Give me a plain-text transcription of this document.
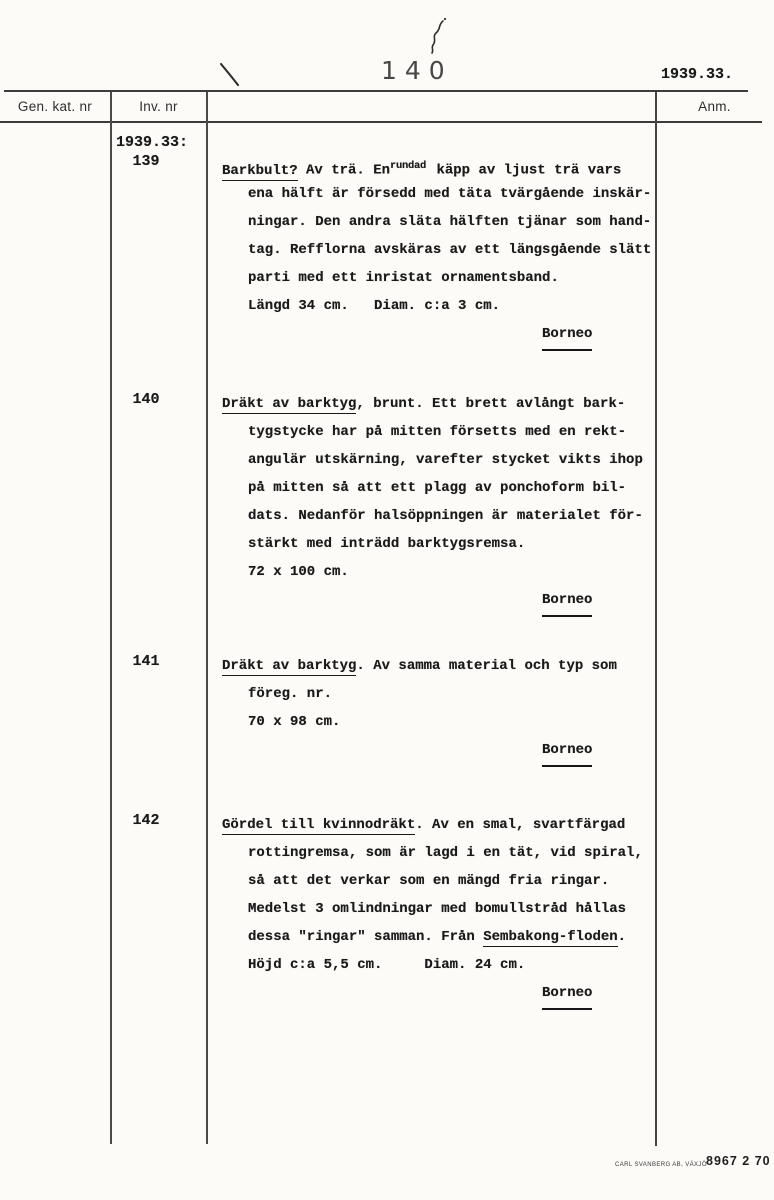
140	1939.33.
Gen. kat. nr	Inv. nr	Anm.
1939.33:
139
Barkbult? Av trä. $En^{rundad}$ käpp av ljust trä vars
ena hälft är försedd med täta tvärgående inskär-
ningar. Den andra släta hälften tjänar som hand-
tag. Refflorna avskäras av ett längsgående slätt
parti med ett inristat ornamentsband.
Längd 34 cm.   Diam. c:a 3 cm.
Borneo
140	Dräkt av barktyg, brunt. Ett brett avlångt bark-
tygstycke har på mitten försetts med en rekt-
angulär utskärning, varefter stycket vikts ihop
på mitten så att ett plagg av ponchoform bil-
dats. Nedanför halsöppningen är materialet för-
stärkt med inträdd barktygsremsa.
72 x 100 cm.
Borneo
141	Dräkt av barktyg. Av samma material och typ som
föreg. nr.
70 x 98 cm.
Borneo
142	Gördel till kvinnodräkt. Av en smal, svartfärgad
rottingremsa, som är lagd i en tät, vid spiral,
så att det verkar som en mängd fria ringar.
Medelst 3 omlindningar med bomullstråd hållas
dessa "ringar" samman. Från Sembakong-floden.
Höjd c:a 5,5 cm.     Diam. 24 cm.
Borneo
CARL SVANBERG AB, VÄXJÖ 8967 2 70
